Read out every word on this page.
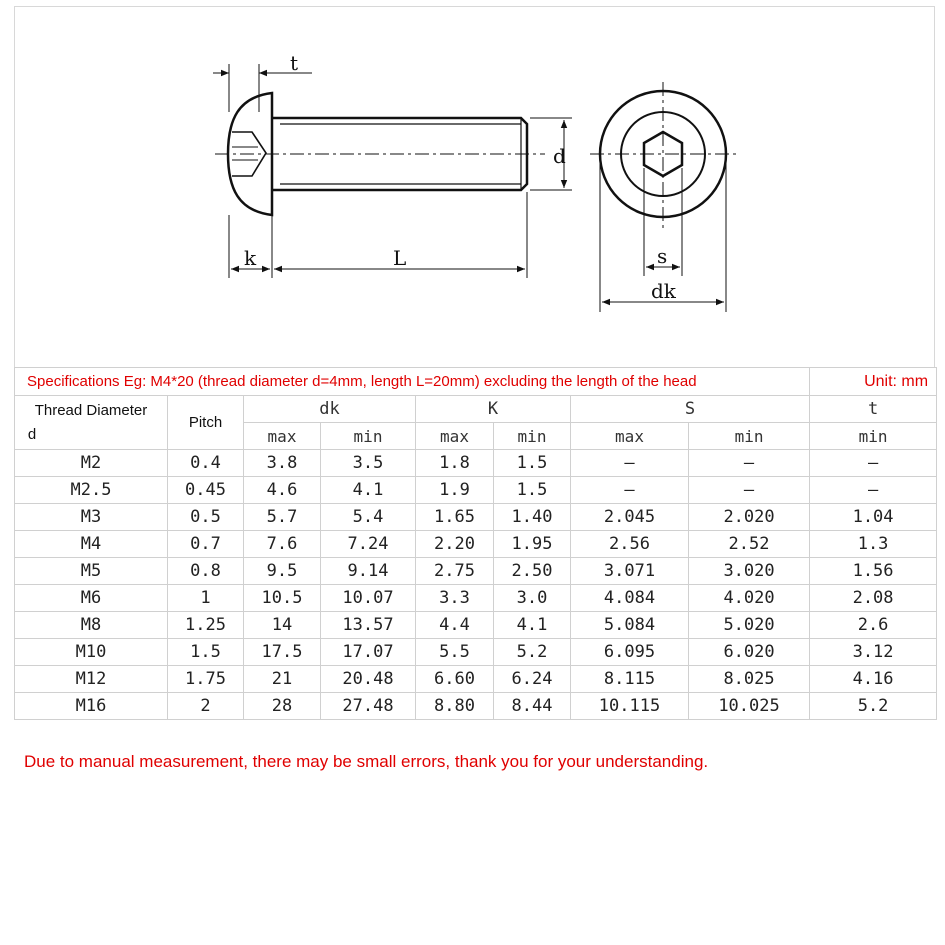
t
d
k	L	s
dk
Specifications Eg: M4*20 (thread diameter d=4mm, length L=20mm) excluding the length of the head								Unit: mm
Thread Diameter
d	Pitch	dk		K		S		t
		max	min	max	min	max	min	min
M2	0.4	3.8	3.5	1.8	1.5	–	–	–
M2.5	0.45	4.6	4.1	1.9	1.5	–	–	–
M3	0.5	5.7	5.4	1.65	1.40	2.045	2.020	1.04
M4	0.7	7.6	7.24	2.20	1.95	2.56	2.52	1.3
M5	0.8	9.5	9.14	2.75	2.50	3.071	3.020	1.56
M6	1	10.5	10.07	3.3	3.0	4.084	4.020	2.08
M8	1.25	14	13.57	4.4	4.1	5.084	5.020	2.6
M10	1.5	17.5	17.07	5.5	5.2	6.095	6.020	3.12
M12	1.75	21	20.48	6.60	6.24	8.115	8.025	4.16
M16	2	28	27.48	8.80	8.44	10.115	10.025	5.2
Due to manual measurement, there may be small errors, thank you for your understanding.
